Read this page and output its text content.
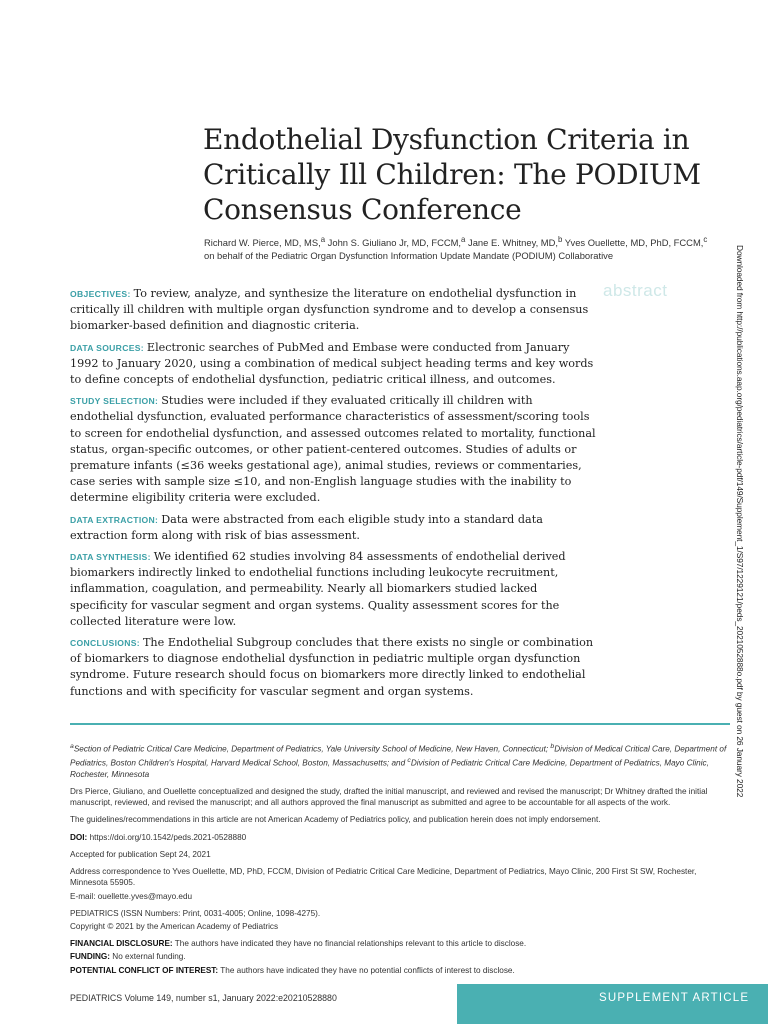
Endothelial Dysfunction Criteria in Critically Ill Children: The PODIUM Consensus Conference
Richard W. Pierce, MD, MS,$^a$ John S. Giuliano Jr, MD, FCCM,$^a$ Jane E. Whitney, MD,$^b$ Yves Ouellette, MD, PhD, FCCM,$^c$ on behalf of the Pediatric Organ Dysfunction Information Update Mandate (PODIUM) Collaborative
abstract	Downloaded from http://publications.aap.org/pediatrics/article-pdf/149/Supplement_1/S97/1229121/peds_2021052888o.pdf by guest on 26 January 2022

OBJECTIVES: To review, analyze, and synthesize the literature on endothelial dysfunction in critically ill children with multiple organ dysfunction syndrome and to develop a consensus biomarker-based definition and diagnostic criteria.

DATA SOURCES: Electronic searches of PubMed and Embase were conducted from January 1992 to January 2020, using a combination of medical subject heading terms and key words to define concepts of endothelial dysfunction, pediatric critical illness, and outcomes.

STUDY SELECTION: Studies were included if they evaluated critically ill children with endothelial dysfunction, evaluated performance characteristics of assessment/scoring tools to screen for endothelial dysfunction, and assessed outcomes related to mortality, functional status, organ-specific outcomes, or other patient-centered outcomes. Studies of adults or premature infants (≤36 weeks gestational age), animal studies, reviews or commentaries, case series with sample size ≤10, and non-English language studies with the inability to determine eligibility criteria were excluded.

DATA EXTRACTION: Data were abstracted from each eligible study into a standard data extraction form along with risk of bias assessment.

DATA SYNTHESIS: We identified 62 studies involving 84 assessments of endothelial derived biomarkers indirectly linked to endothelial functions including leukocyte recruitment, inflammation, coagulation, and permeability. Nearly all biomarkers studied lacked specificity for vascular segment and organ systems. Quality assessment scores for the collected literature were low.

CONCLUSIONS: The Endothelial Subgroup concludes that there exists no single or combination of biomarkers to diagnose endothelial dysfunction in pediatric multiple organ dysfunction syndrome. Future research should focus on biomarkers more directly linked to endothelial functions and with specificity for vascular segment and organ systems.

$^a$Section of Pediatric Critical Care Medicine, Department of Pediatrics, Yale University School of Medicine, New Haven, Connecticut; $^b$Division of Medical Critical Care, Department of Pediatrics, Boston Children's Hospital, Harvard Medical School, Boston, Massachusetts; and $^c$Division of Pediatric Critical Care Medicine, Department of Pediatrics, Mayo Clinic, Rochester, Minnesota

Drs Pierce, Giuliano, and Ouellette conceptualized and designed the study, drafted the initial manuscript, and reviewed and revised the manuscript; Dr Whitney drafted the initial manuscript, reviewed, and revised the manuscript; and all authors approved the final manuscript as submitted and agree to be accountable for all aspects of the work.

The guidelines/recommendations in this article are not American Academy of Pediatrics policy, and publication herein does not imply endorsement.

DOI: https://doi.org/10.1542/peds.2021-0528880

Accepted for publication Sept 24, 2021

Address correspondence to Yves Ouellette, MD, PhD, FCCM, Division of Pediatric Critical Care Medicine, Department of Pediatrics, Mayo Clinic, 200 First St SW, Rochester, Minnesota 55905.

E-mail: ouellette.yves@mayo.edu

PEDIATRICS (ISSN Numbers: Print, 0031-4005; Online, 1098-4275).

Copyright © 2021 by the American Academy of Pediatrics

FINANCIAL DISCLOSURE: The authors have indicated they have no financial relationships relevant to this article to disclose.

FUNDING: No external funding.

POTENTIAL CONFLICT OF INTEREST: The authors have indicated they have no potential conflicts of interest to disclose.

PEDIATRICS Volume 149, number s1, January 2022:e20210528880	SUPPLEMENT ARTICLE
